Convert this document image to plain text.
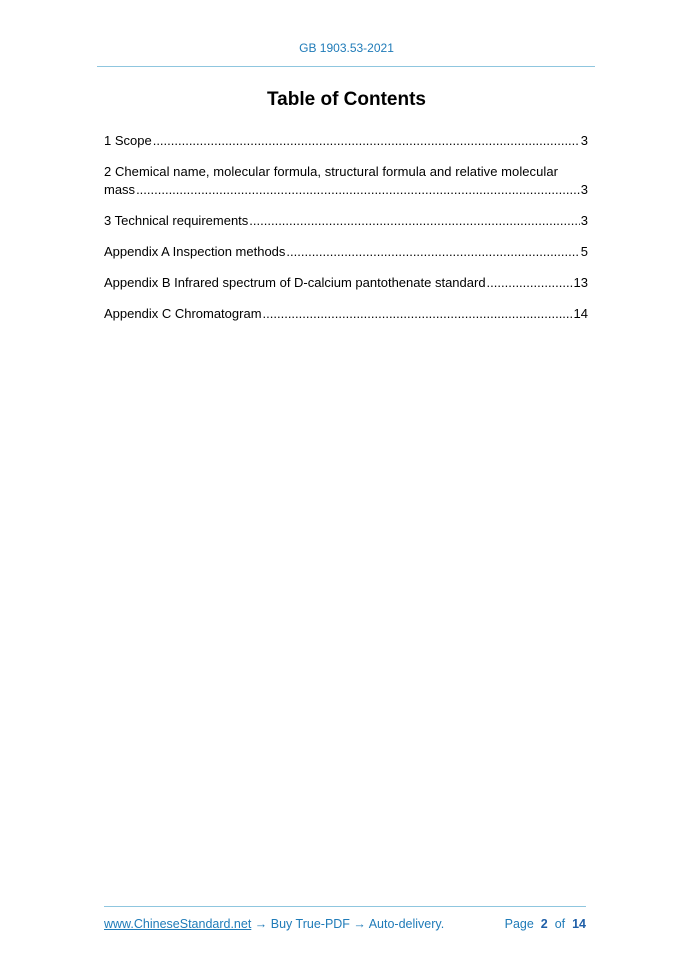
GB 1903.53-2021
Table of Contents
1 Scope .....	3
2 Chemical name, molecular formula, structural formula and relative molecular
mass .....	3
3 Technical requirements .....	3
Appendix A Inspection methods .....	5
Appendix B Infrared spectrum of D-calcium pantothenate standard .....	13
Appendix C Chromatogram .....	14
www.ChineseStandard.net → Buy True-PDF → Auto-delivery.	Page 2 of 14
